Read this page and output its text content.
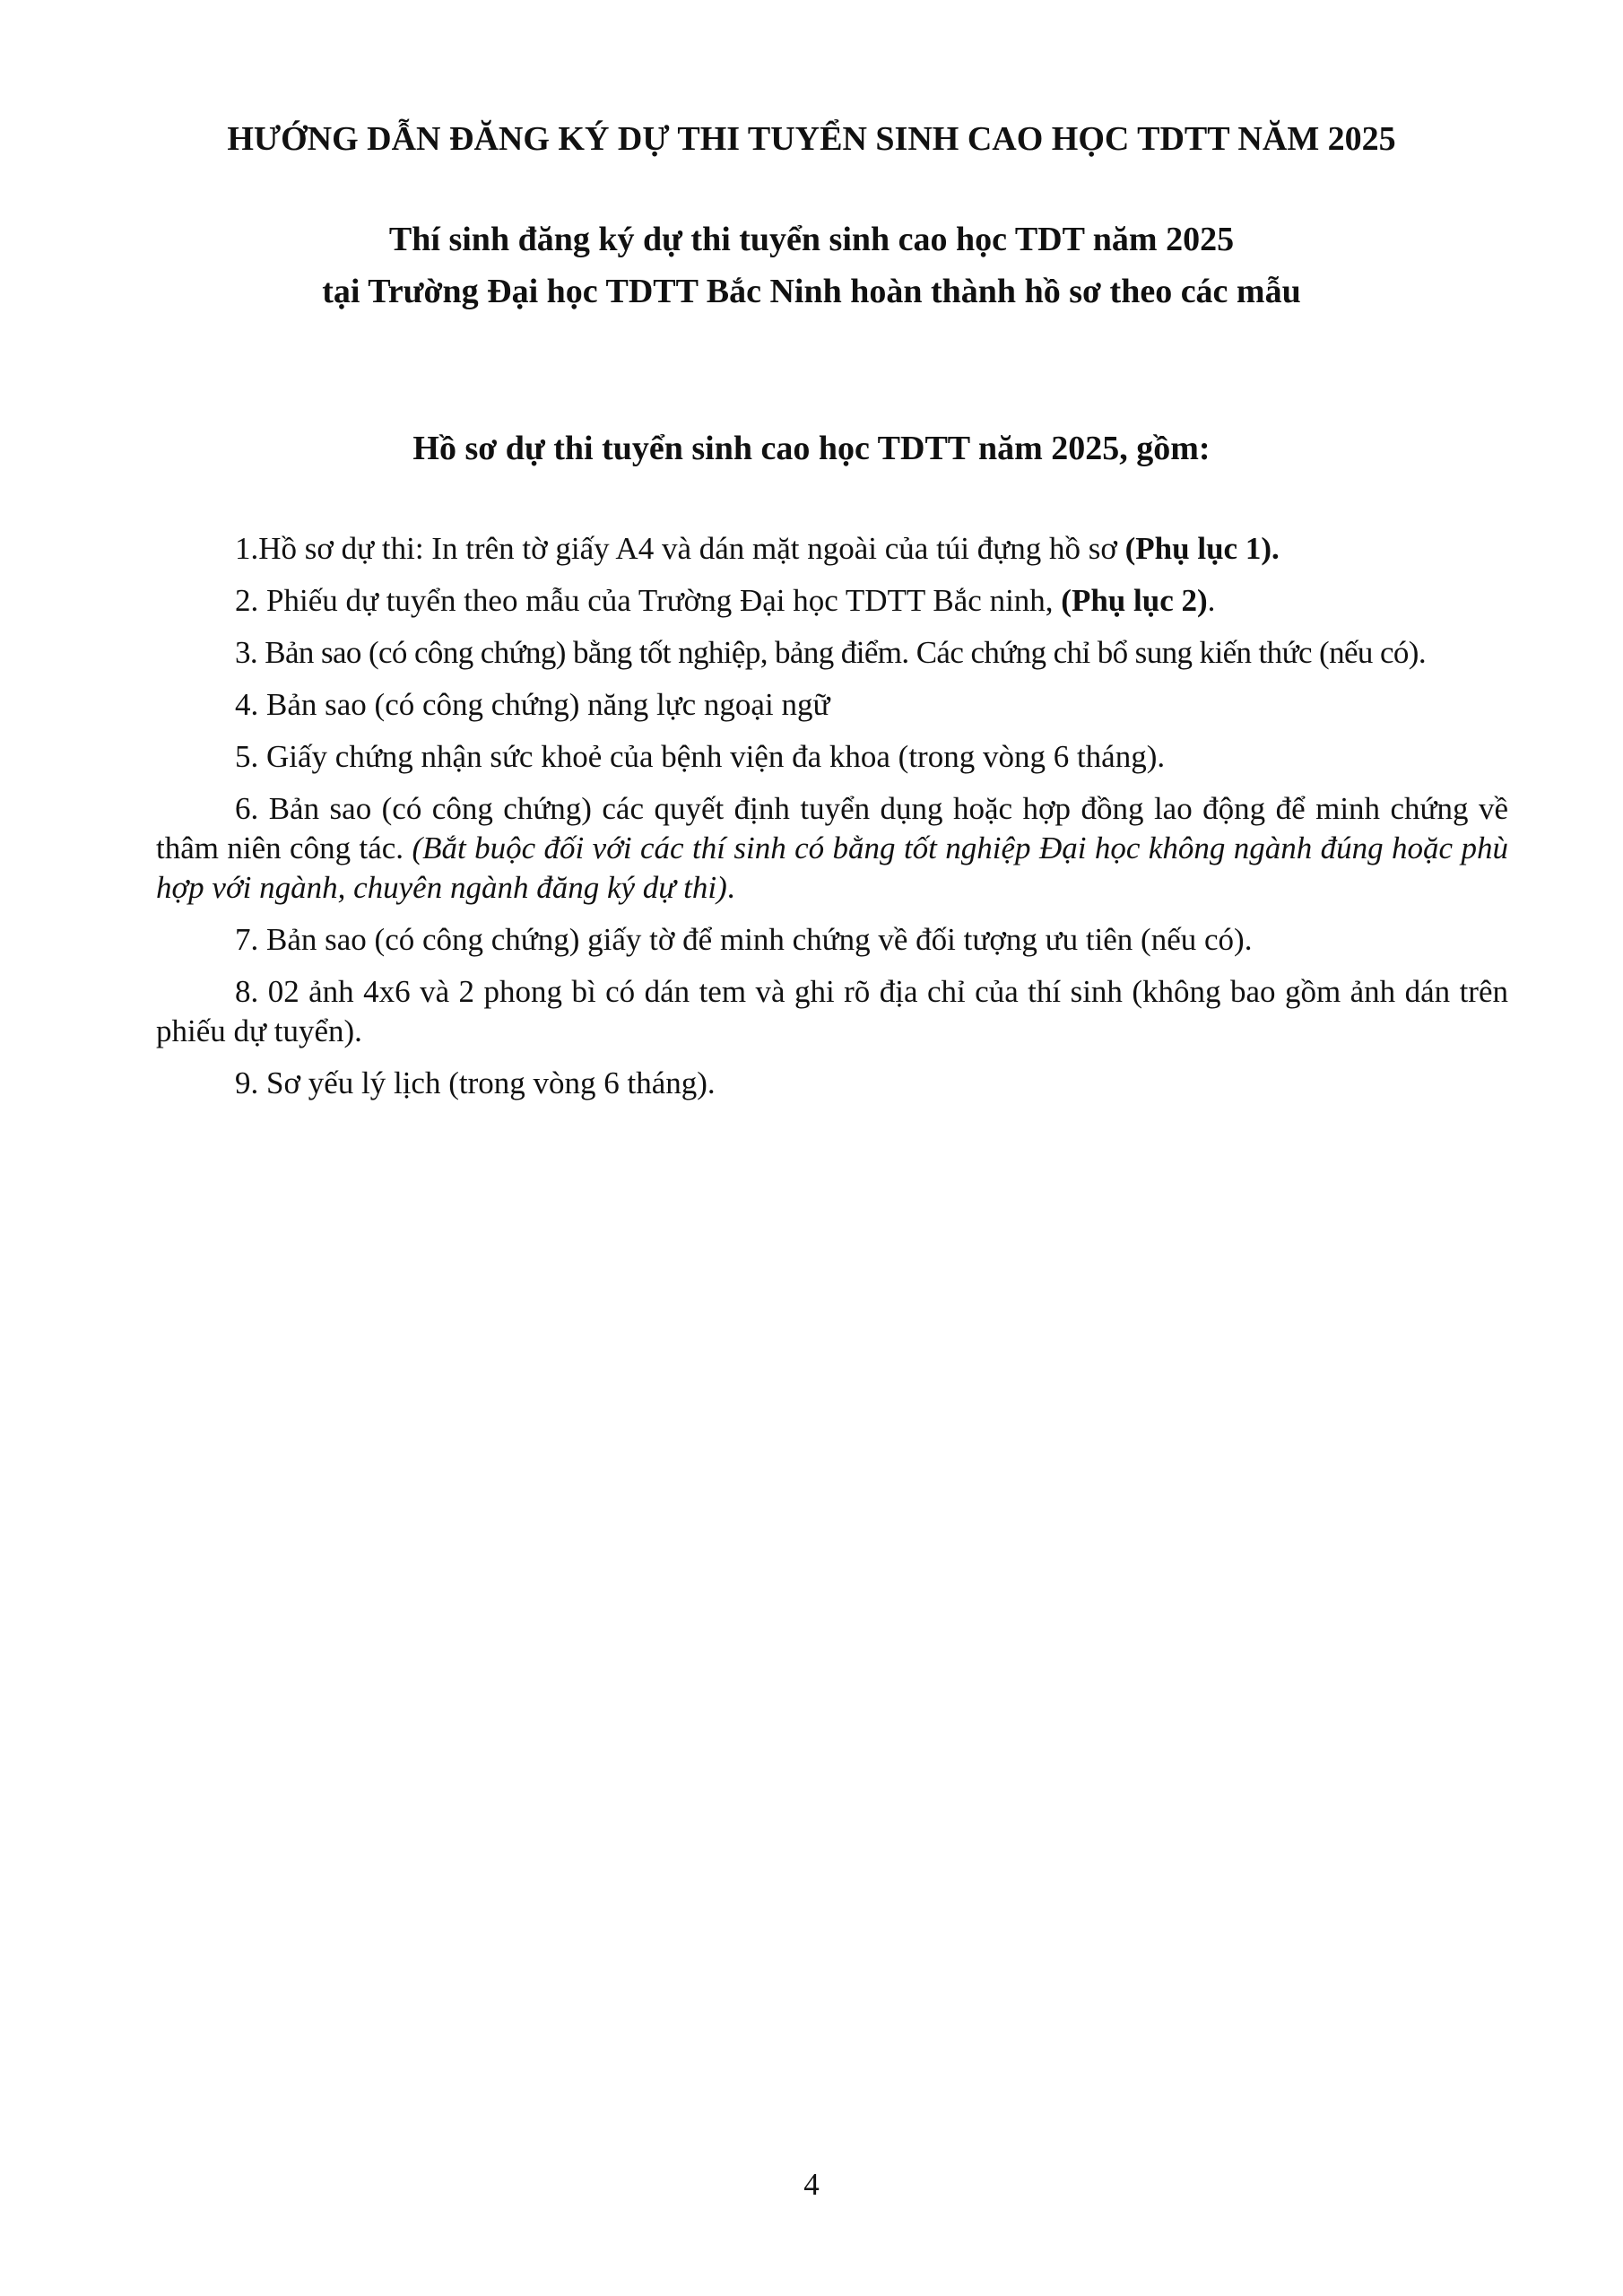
HƯỚNG DẪN ĐĂNG KÝ DỰ THI TUYỂN SINH CAO HỌC TDTT NĂM 2025
Thí sinh đăng ký dự thi tuyển sinh cao học TDT năm 2025
tại Trường Đại học TDTT Bắc Ninh hoàn thành hồ sơ theo các mẫu
Hồ sơ dự thi tuyển sinh cao học TDTT năm 2025, gồm:

1.Hồ sơ dự thi: In trên tờ giấy A4 và dán mặt ngoài của túi đựng hồ sơ (Phụ lục 1).

2. Phiếu dự tuyển theo mẫu của Trường Đại học TDTT Bắc ninh, (Phụ lục 2).

3. Bản sao (có công chứng) bằng tốt nghiệp, bảng điểm. Các chứng chỉ bổ sung kiến thức (nếu có).

4. Bản sao (có công chứng) năng lực ngoại ngữ

5. Giấy chứng nhận sức khoẻ của bệnh viện đa khoa (trong vòng 6 tháng).

6. Bản sao (có công chứng) các quyết định tuyển dụng hoặc hợp đồng lao động để minh chứng về thâm niên công tác. (Bắt buộc đối với các thí sinh có bằng tốt nghiệp Đại học không ngành đúng hoặc phù hợp với ngành, chuyên ngành đăng ký dự thi).

7. Bản sao (có công chứng) giấy tờ để minh chứng về đối tượng ưu tiên (nếu có).

8. 02 ảnh 4x6 và 2 phong bì có dán tem và ghi rõ địa chỉ của thí sinh (không bao gồm ảnh dán trên phiếu dự tuyển).

9. Sơ yếu lý lịch (trong vòng 6 tháng).

4
